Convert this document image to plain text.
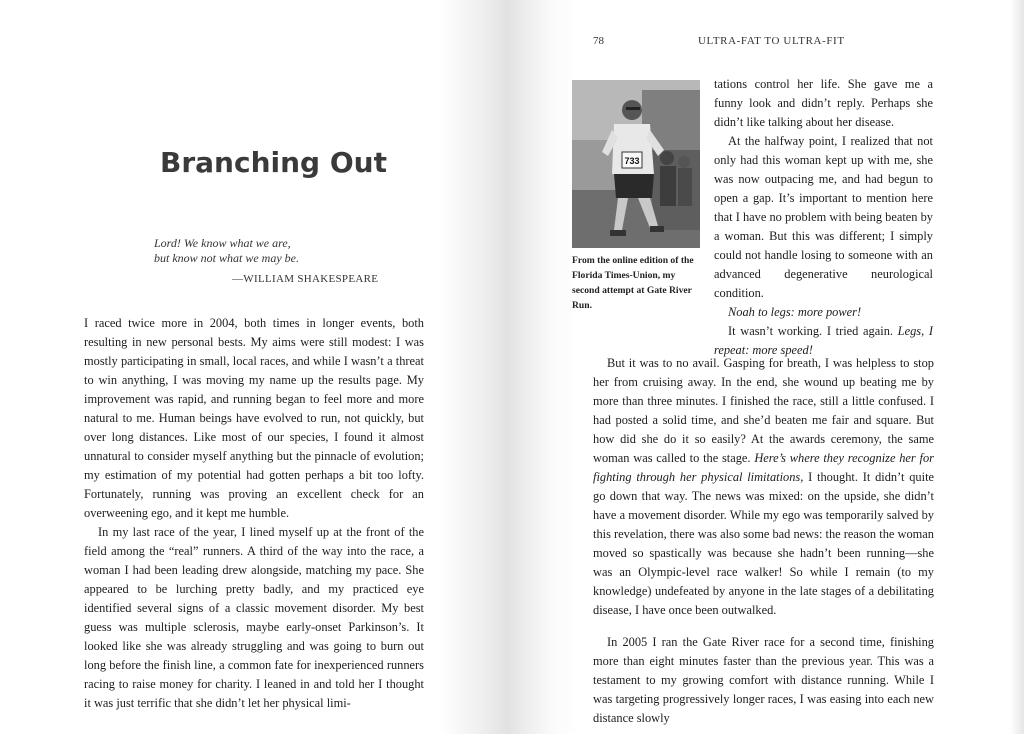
Branching Out
Lord! We know what we are,
but know not what we may be.
—WILLIAM SHAKESPEARE

I raced twice more in 2004, both times in longer events, both resulting in new personal bests. My aims were still modest: I was mostly participating in small, local races, and while I wasn’t a threat to win anything, I was moving my name up the results page. My improvement was rapid, and running began to feel more and more natural to me. Human beings have evolved to run, not quickly, but over long distances. Like most of our species, I found it almost unnatural to consider myself anything but the pinnacle of evolution; my estimation of my potential had gotten perhaps a bit too lofty. Fortunately, running was proving an excellent check for an overweening ego, and it kept me humble.

In my last race of the year, I lined myself up at the front of the field among the “real” runners. A third of the way into the race, a woman I had been leading drew alongside, matching my pace. She appeared to be lurching pretty badly, and my practiced eye identified several signs of a classic movement disorder. My best guess was multiple sclerosis, maybe early-onset Parkinson’s. It looked like she was already struggling and was going to burn out long before the finish line, a common fate for inexperienced runners racing to raise money for charity. I leaned in and told her I thought it was just terrific that she didn’t let her physical limi-

78	ULTRA-FAT TO ULTRA-FIT
733
From the online edition of the Florida Times-Union, my second attempt at Gate River Run.

tations control her life. She gave me a funny look and didn’t reply. Perhaps she didn’t like talking about her disease.

At the halfway point, I realized that not only had this woman kept up with me, she was now outpacing me, and had begun to open a gap. It’s important to mention here that I have no problem with being beaten by a woman. But this was different; I simply could not handle losing to someone with an advanced degenerative neurological condition.

Noah to legs: more power!

It wasn’t working. I tried again. Legs, I repeat: more speed!

But it was to no avail. Gasping for breath, I was helpless to stop her from cruising away. In the end, she wound up beating me by more than three minutes. I finished the race, still a little confused. I had posted a solid time, and she’d beaten me fair and square. But how did she do it so easily? At the awards ceremony, the same woman was called to the stage. Here’s where they recognize her for fighting through her physical limitations, I thought. It didn’t quite go down that way. The news was mixed: on the upside, she didn’t have a movement disorder. While my ego was temporarily salved by this revelation, there was also some bad news: the reason the woman moved so spastically was because she hadn’t been running—she was an Olympic-level race walker! So while I remain (to my knowledge) undefeated by anyone in the late stages of a debilitating disease, I have once been outwalked.

In 2005 I ran the Gate River race for a second time, finishing more than eight minutes faster than the previous year. This was a testament to my growing comfort with distance running. While I was targeting progressively longer races, I was easing into each new distance slowly
